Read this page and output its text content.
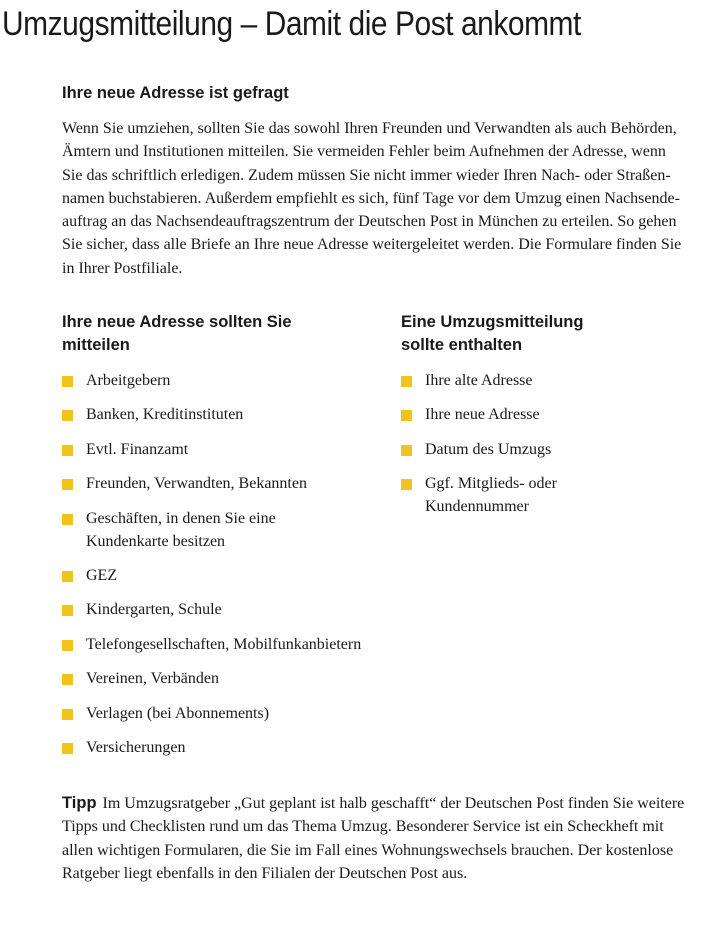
Umzugsmitteilung – Damit die Post ankommt
Ihre neue Adresse ist gefragt

Wenn Sie umziehen, sollten Sie das sowohl Ihren Freunden und Verwandten als auch Behörden,
Ämtern und Institutionen mitteilen. Sie vermeiden Fehler beim Aufnehmen der Adresse, wenn
Sie das schriftlich erledigen. Zudem müssen Sie nicht immer wieder Ihren Nach- oder Straßen-
namen buchstabieren. Außerdem empfiehlt es sich, fünf Tage vor dem Umzug einen Nachsende-
auftrag an das Nachsendeauftragszentrum der Deutschen Post in München zu erteilen. So gehen
Sie sicher, dass alle Briefe an Ihre neue Adresse weitergeleitet werden. Die Formulare finden Sie
in Ihrer Postfiliale.

Ihre neue Adresse sollten Sie
mitteilen
Eine Umzugsmitteilung
sollte enthalten
Arbeitgebern
Banken, Kreditinstituten
Evtl. Finanzamt
Freunden, Verwandten, Bekannten
Geschäften, in denen Sie eine
Kundenkarte besitzen
GEZ
Kindergarten, Schule
Telefongesellschaften, Mobilfunkanbietern
Vereinen, Verbänden
Verlagen (bei Abonnements)
Versicherungen
Ihre alte Adresse
Ihre neue Adresse
Datum des Umzugs
Ggf. Mitglieds- oder
Kundennummer

Tipp Im Umzugsratgeber „Gut geplant ist halb geschafft“ der Deutschen Post finden Sie weitere
Tipps und Checklisten rund um das Thema Umzug. Besonderer Service ist ein Scheckheft mit
allen wichtigen Formularen, die Sie im Fall eines Wohnungswechsels brauchen. Der kostenlose
Ratgeber liegt ebenfalls in den Filialen der Deutschen Post aus.
